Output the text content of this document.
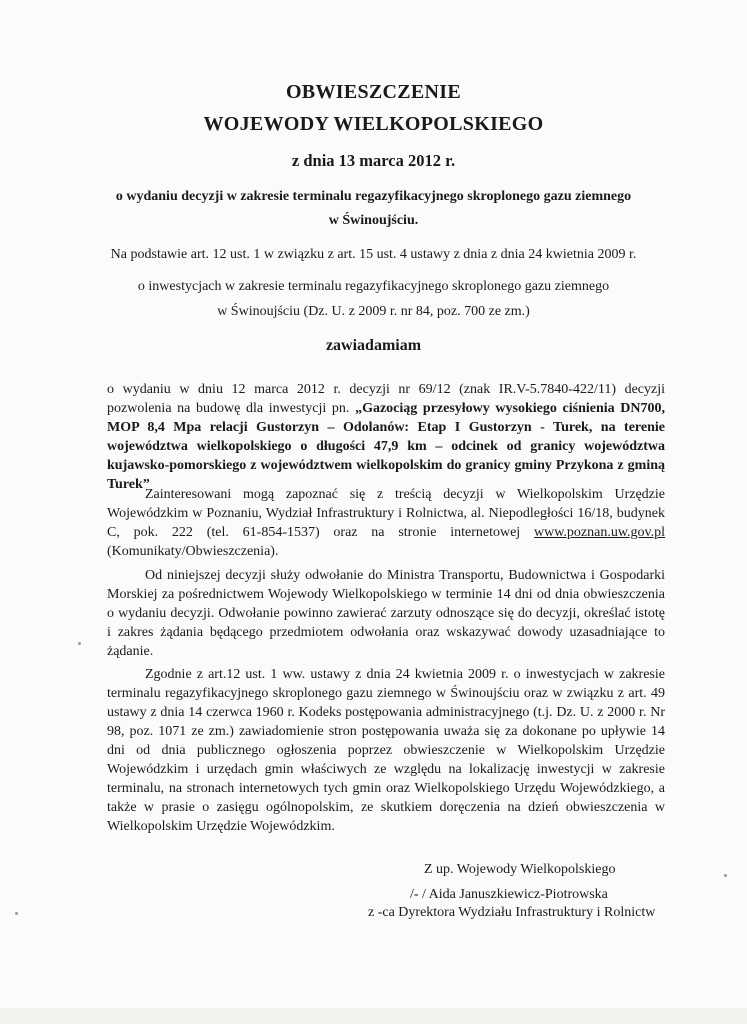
OBWIESZCZENIE
WOJEWODY WIELKOPOLSKIEGO
z dnia 13 marca 2012 r.
o wydaniu decyzji w zakresie terminalu regazyfikacyjnego skroplonego gazu ziemnego
w Świnoujściu.
Na podstawie art. 12 ust. 1 w związku z art. 15 ust. 4 ustawy z dnia z dnia 24 kwietnia 2009 r.
o inwestycjach w zakresie terminalu regazyfikacyjnego skroplonego gazu ziemnego
w Świnoujściu (Dz. U. z 2009 r. nr 84, poz. 700 ze zm.)
zawiadamiam
o wydaniu w dniu 12 marca 2012 r. decyzji nr 69/12 (znak IR.V-5.7840-422/11) decyzji pozwolenia na budowę dla inwestycji pn. „Gazociąg przesyłowy wysokiego ciśnienia DN700, MOP 8,4 Mpa relacji Gustorzyn – Odolanów: Etap I Gustorzyn - Turek, na terenie województwa wielkopolskiego o długości 47,9 km – odcinek od granicy województwa kujawsko-pomorskiego z województwem wielkopolskim do granicy gminy Przykona z gminą Turek”
Zainteresowani mogą zapoznać się z treścią decyzji w Wielkopolskim Urzędzie Wojewódzkim w Poznaniu, Wydział Infrastruktury i Rolnictwa, al. Niepodległości 16/18, budynek C, pok. 222 (tel. 61-854-1537) oraz na stronie internetowej www.poznan.uw.gov.pl (Komunikaty/Obwieszczenia).
Od niniejszej decyzji służy odwołanie do Ministra Transportu, Budownictwa i Gospodarki Morskiej za pośrednictwem Wojewody Wielkopolskiego w terminie 14 dni od dnia obwieszczenia o wydaniu decyzji. Odwołanie powinno zawierać zarzuty odnoszące się do decyzji, określać istotę i zakres żądania będącego przedmiotem odwołania oraz wskazywać dowody uzasadniające to żądanie.
Zgodnie z art.12 ust. 1 ww. ustawy z dnia 24 kwietnia 2009 r. o inwestycjach w zakresie terminalu regazyfikacyjnego skroplonego gazu ziemnego w Świnoujściu oraz w związku z art. 49 ustawy z dnia 14 czerwca 1960 r. Kodeks postępowania administracyjnego (t.j. Dz. U. z 2000 r. Nr 98, poz. 1071 ze zm.) zawiadomienie stron postępowania uważa się za dokonane po upływie 14 dni od dnia publicznego ogłoszenia poprzez obwieszczenie w Wielkopolskim Urzędzie Wojewódzkim i urzędach gmin właściwych ze względu na lokalizację inwestycji w zakresie terminalu, na stronach internetowych tych gmin oraz Wielkopolskiego Urzędu Wojewódzkiego, a także w prasie o zasięgu ogólnopolskim, ze skutkiem doręczenia na dzień obwieszczenia w Wielkopolskim Urzędzie Wojewódzkim.
Z up. Wojewody Wielkopolskiego
/- / Aida Januszkiewicz-Piotrowska
z -ca Dyrektora Wydziału Infrastruktury i Rolnictw
